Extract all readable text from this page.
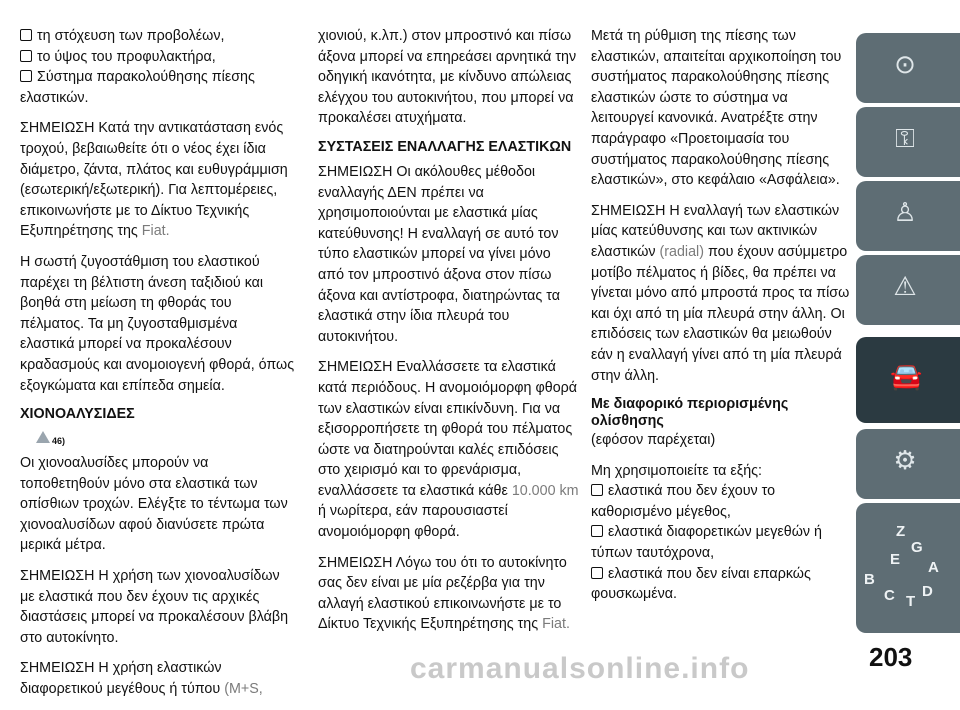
τη στόχευση των προβολέων,
το ύψος του προφυλακτήρα,
Σύστημα παρακολούθησης πίεσης

ελαστικών.

ΣΗΜΕΙΩΣΗ Κατά την αντικατάσταση ενός τροχού, βεβαιωθείτε ότι ο νέος έχει ίδια διάμετρο, ζάντα, πλάτος και ευθυγράμμιση (εσωτερική/εξωτερική). Για λεπτομέρειες, επικοινωνήστε με το Δίκτυο Τεχνικής Εξυπηρέτησης της Fiat.

Η σωστή ζυγοστάθμιση του ελαστικού παρέχει τη βέλτιστη άνεση ταξιδιού και βοηθά στη μείωση τη φθοράς του πέλματος. Τα μη ζυγοσταθμισμένα ελαστικά μπορεί να προκαλέσουν κραδασμούς και ανομοιογενή φθορά, όπως εξογκώματα και επίπεδα σημεία.

ΧΙΟΝΟΑΛΥΣΙΔΕΣ
46)

Οι χιονοαλυσίδες μπορούν να τοποθετηθούν μόνο στα ελαστικά των οπίσθιων τροχών. Ελέγξτε το τέντωμα των χιονοαλυσίδων αφού διανύσετε πρώτα μερικά μέτρα.

ΣΗΜΕΙΩΣΗ Η χρήση των χιονοαλυσίδων με ελαστικά που δεν έχουν τις αρχικές διαστάσεις μπορεί να προκαλέσουν βλάβη στο αυτοκίνητο.

ΣΗΜΕΙΩΣΗ Η χρήση ελαστικών διαφορετικού μεγέθους ή τύπου (M+S,

χιονιού, κ.λπ.) στον μπροστινό και πίσω άξονα μπορεί να επηρεάσει αρνητικά την οδηγική ικανότητα, με κίνδυνο απώλειας ελέγχου του αυτοκινήτου, που μπορεί να προκαλέσει ατυχήματα.

ΣΥΣΤΑΣΕΙΣ ΕΝΑΛΛΑΓΗΣ ΕΛΑΣΤΙΚΩΝ

ΣΗΜΕΙΩΣΗ Οι ακόλουθες μέθοδοι εναλλαγής ΔΕΝ πρέπει να χρησιμοποιούνται με ελαστικά μίας κατεύθυνσης! Η εναλλαγή σε αυτό τον τύπο ελαστικών μπορεί να γίνει μόνο από τον μπροστινό άξονα στον πίσω άξονα και αντίστροφα, διατηρώντας τα ελαστικά στην ίδια πλευρά του αυτοκινήτου.

ΣΗΜΕΙΩΣΗ Εναλλάσσετε τα ελαστικά κατά περιόδους. Η ανομοιόμορφη φθορά των ελαστικών είναι επικίνδυνη. Για να εξισορροπήσετε τη φθορά του πέλματος ώστε να διατηρούνται καλές επιδόσεις στο χειρισμό και το φρενάρισμα, εναλλάσσετε τα ελαστικά κάθε 10.000 km ή νωρίτερα, εάν παρουσιαστεί ανομοιόμορφη φθορά.

ΣΗΜΕΙΩΣΗ Λόγω του ότι το αυτοκίνητο σας δεν είναι με μία ρεζέρβα για την αλλαγή ελαστικού επικοινωνήστε με το Δίκτυο Τεχνικής Εξυπηρέτησης της Fiat.

Μετά τη ρύθμιση της πίεσης των ελαστικών, απαιτείται αρχικοποίηση του συστήματος παρακολούθησης πίεσης ελαστικών ώστε το σύστημα να λειτουργεί κανονικά. Ανατρέξτε στην παράγραφο «Προετοιμασία του συστήματος παρακολούθησης πίεσης ελαστικών», στο κεφάλαιο «Ασφάλεια».

ΣΗΜΕΙΩΣΗ Η εναλλαγή των ελαστικών μίας κατεύθυνσης και των ακτινικών ελαστικών (radial) που έχουν ασύμμετρο μοτίβο πέλματος ή βίδες, θα πρέπει να γίνεται μόνο από μπροστά προς τα πίσω και όχι από τη μία πλευρά στην άλλη. Οι επιδόσεις των ελαστικών θα μειωθούν εάν η εναλλαγή γίνει από τη μία πλευρά στην άλλη.

Με διαφορικό περιορισμένης ολίσθησης
(εφόσον παρέχεται)
Μη χρησιμοποιείτε τα εξής:
ελαστικά που δεν έχουν το καθορισμένο μέγεθος,
ελαστικά διαφορετικών μεγεθών ή τύπων ταυτόχρονα,
ελαστικά που δεν είναι επαρκώς φουσκωμένα.
⊙
⚿
♙
⚠
🚘
⚙
Z
G
E
B
C T
D
A
203
carmanualsonline.info
